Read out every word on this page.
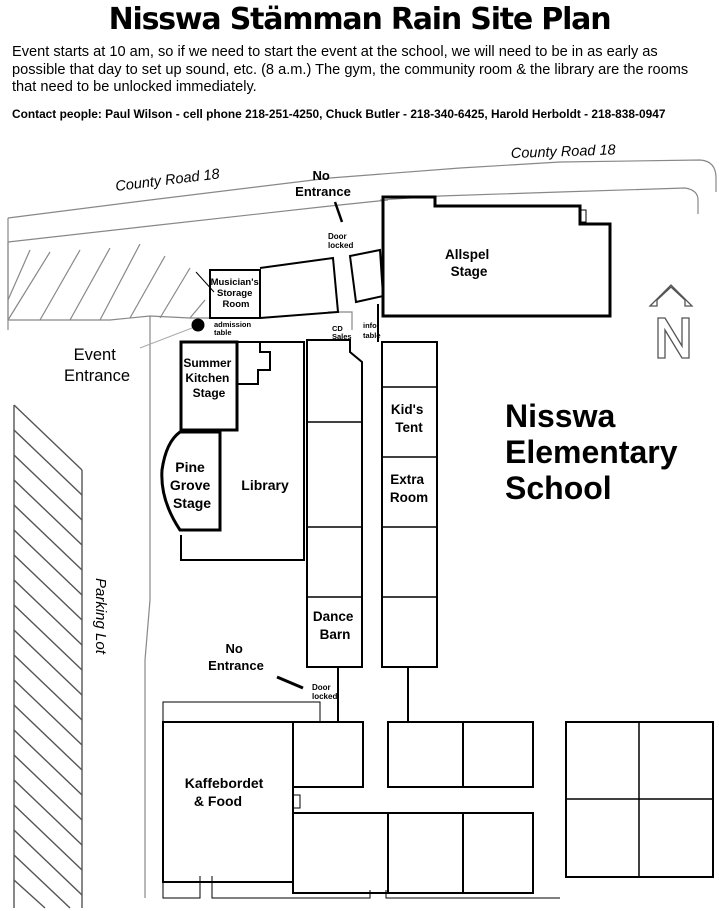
Nisswa Stämman Rain Site Plan
Event starts at 10 am, so if we need to start the event at the school, we will need to be in as early as
possible that day to set up sound, etc. (8 a.m.) The gym, the community room & the library are the rooms
that need to be unlocked immediately.
Contact people: Paul Wilson - cell phone 218-251-4250, Chuck Butler - 218-340-6425, Harold Herboldt - 218-838-0947
County Road 18
County Road 18
Parking Lot
No Entrance
Door locked
admission table	CD Sales
info table
Event Entrance
Musician's Storage Room
Allspel Stage
Summer Kitchen Stage
Pine Grove Stage
Library
Kid's Tent
Extra Room
Dance Barn
Kaffebordet & Food
No Entrance
Door locked
Nisswa Elementary School
